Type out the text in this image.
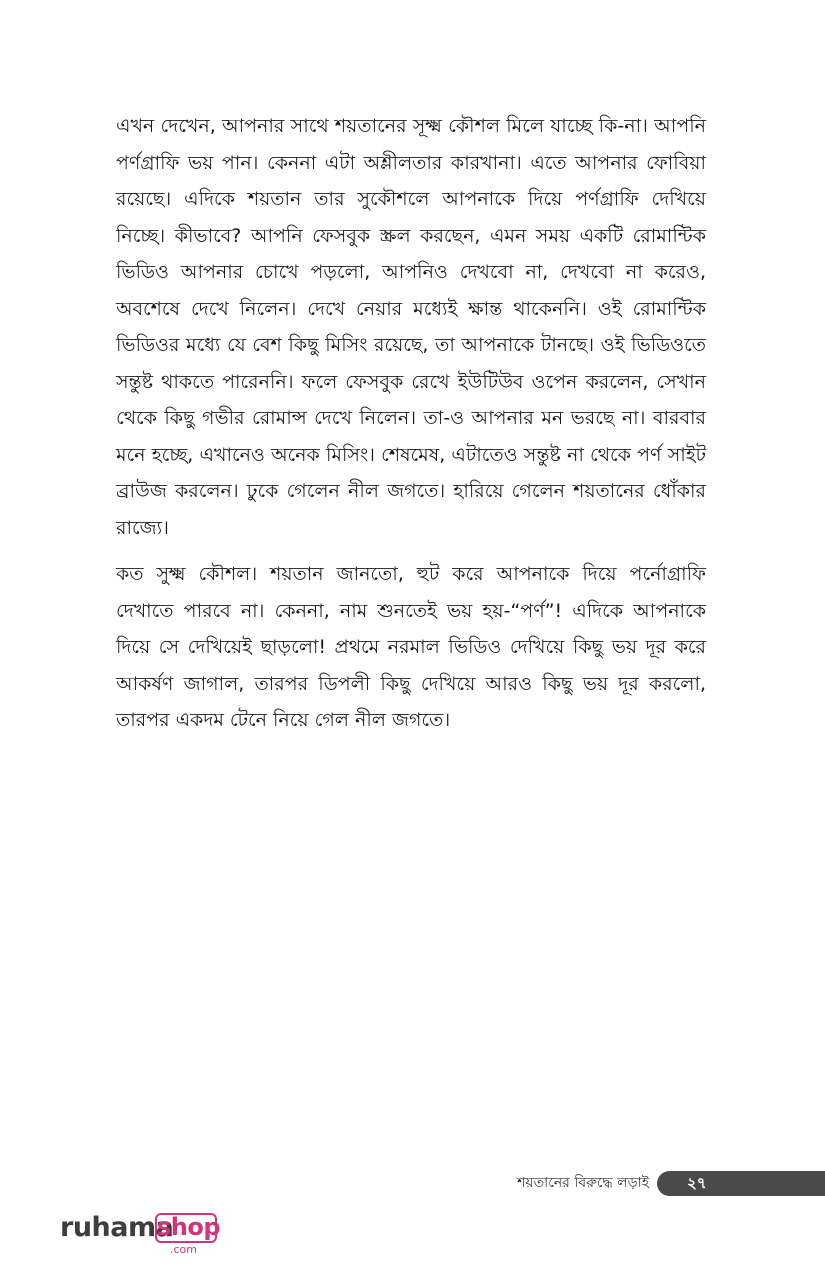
এখন দেখেন, আপনার সাথে শয়তানের সূক্ষ্ম কৌশল মিলে যাচ্ছে কি-না। আপনি পর্ণগ্রাফি ভয় পান। কেননা এটা অশ্লীলতার কারখানা। এতে আপনার ফোবিয়া রয়েছে। এদিকে শয়তান তার সুকৌশলে আপনাকে দিয়ে পর্ণগ্রাফি দেখিয়ে নিচ্ছে। কীভাবে? আপনি ফেসবুক স্ক্রল করছেন, এমন সময় একটি রোমান্টিক ভিডিও আপনার চোখে পড়লো, আপনিও দেখবো না, দেখবো না করেও, অবশেষে দেখে নিলেন। দেখে নেয়ার মধ্যেই ক্ষান্ত থাকেননি। ওই রোমান্টিক ভিডিওর মধ্যে যে বেশ কিছু মিসিং রয়েছে, তা আপনাকে টানছে। ওই ভিডিওতে সন্তুষ্ট থাকতে পারেননি। ফলে ফেসবুক রেখে ইউটিউব ওপেন করলেন, সেখান থেকে কিছু গভীর রোমান্স দেখে নিলেন। তা-ও আপনার মন ভরছে না। বারবার মনে হচ্ছে, এখানেও অনেক মিসিং। শেষমেষ, এটাতেও সন্তুষ্ট না থেকে পর্ণ সাইট ব্রাউজ করলেন। ঢুকে গেলেন নীল জগতে। হারিয়ে গেলেন শয়তানের ধোঁকার রাজ্যে।

কত সুক্ষ্ম কৌশল। শয়তান জানতো, হুট করে আপনাকে দিয়ে পর্নোগ্রাফি দেখাতে পারবে না। কেননা, নাম শুনতেই ভয় হয়-“পর্ণ”! এদিকে আপনাকে দিয়ে সে দেখিয়েই ছাড়লো! প্রথমে নরমাল ভিডিও দেখিয়ে কিছু ভয় দূর করে আকর্ষণ জাগাল, তারপর ডিপলী কিছু দেখিয়ে আরও কিছু ভয় দূর করলো, তারপর একদম টেনে নিয়ে গেল নীল জগতে।

শয়তানের বিরুদ্ধে লড়াই	২৭
ruhama
shop
.com
